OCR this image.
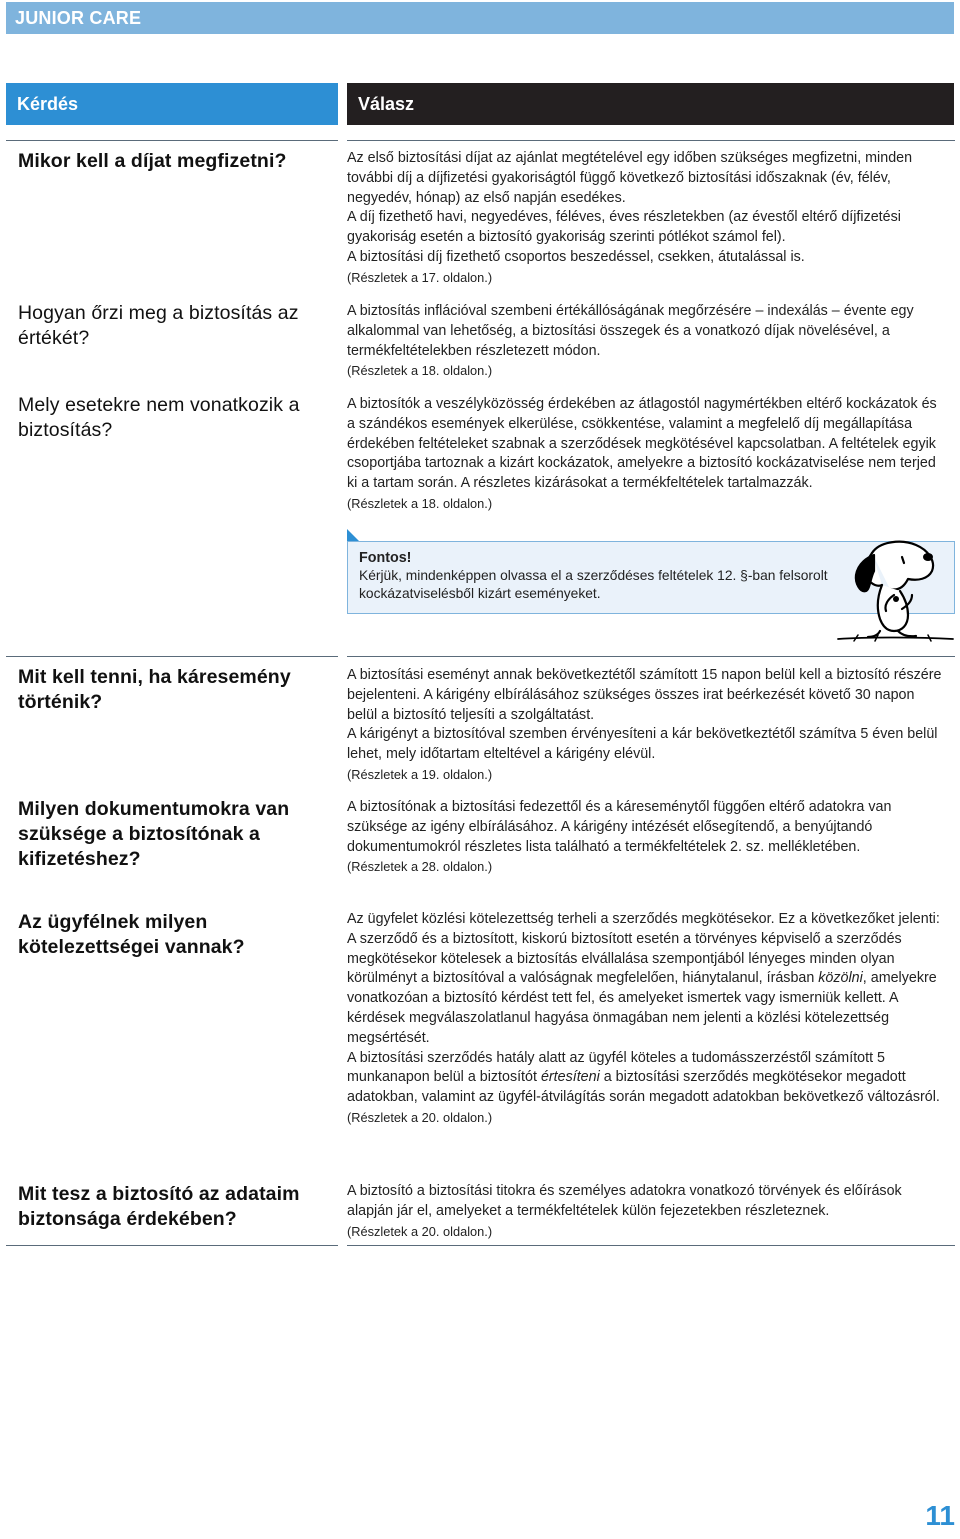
JUNIOR CARE
Kérdés	Válasz
Mikor kell a díjat megfizetni?	Az első biztosítási díjat az ajánlat megtételével egy időben szükséges megfizetni, minden további díj a díjfizetési gyakoriságtól függő következő biztosítási időszaknak (év, félév, negyedév, hónap) az első napján esedékes.

A díj fizethető havi, negyedéves, féléves, éves részletekben (az évestől eltérő díjfizetési gyakoriság esetén a biztosító gyakoriság szerinti pótlékot számol fel).

A biztosítási díj fizethető csoportos beszedéssel, csekken, átutalással is.

(Részletek a 17. oldalon.)

Hogyan őrzi meg a biztosítás az értékét?

A biztosítás inflációval szembeni értékállóságának megőrzésére – indexálás – évente egy alkalommal van lehetőség, a biztosítási összegek és a vonatkozó díjak növelésével, a termékfeltételekben részletezett módon.

(Részletek a 18. oldalon.)

Mely esetekre nem vonatkozik a biztosítás?

A biztosítók a veszélyközösség érdekében az átlagostól nagymértékben eltérő kockázatok és a szándékos események elkerülése, csökkentése, valamint a megfelelő díj megállapítása érdekében feltételeket szabnak a szerződések megkötésével kapcsolatban. A feltételek egyik csoportjába tartoznak a kizárt kockázatok, amelyekre a biztosító kockázatviselése nem terjed ki a tartam során. A részletes kizárásokat a termékfeltételek tartalmazzák.

(Részletek a 18. oldalon.)

Fontos!
Kérjük, mindenképpen olvassa el a szerződéses feltételek 12. §-ban felsorolt kockázatviselésből kizárt eseményeket.
Mit kell tenni, ha káresemény történik?

A biztosítási eseményt annak bekövetkeztétől számított 15 napon belül kell a biztosító részére bejelenteni. A kárigény elbírálásához szükséges összes irat beérkezését követő 30 napon belül a biztosító teljesíti a szolgáltatást.

A kárigényt a biztosítóval szemben érvényesíteni a kár bekövetkeztétől számítva 5 éven belül lehet, mely időtartam elteltével a kárigény elévül.

(Részletek a 19. oldalon.)

Milyen dokumentumokra van szüksége a biztosítónak a kifizetéshez?

A biztosítónak a biztosítási fedezettől és a káreseménytől függően eltérő adatokra van szüksége az igény elbírálásához. A kárigény intézését elősegítendő, a benyújtandó dokumentumokról részletes lista található a termékfeltételek 2. sz. mellékletében.

(Részletek a 28. oldalon.)

Az ügyfélnek milyen kötelezettségei vannak?

Az ügyfelet közlési kötelezettség terheli a szerződés megkötésekor. Ez a következőket jelenti:

A szerződő és a biztosított, kiskorú biztosított esetén a törvényes képviselő a szerződés megkötésekor kötelesek a biztosítás elvállalása szempontjából lényeges minden olyan körülményt a biztosítóval a valóságnak megfelelően, hiánytalanul, írásban közölni, amelyekre vonatkozóan a biztosító kérdést tett fel, és amelyeket ismertek vagy ismerniük kellett. A kérdések megválaszolatlanul hagyása önmagában nem jelenti a közlési kötelezettség megsértését.

A biztosítási szerződés hatály alatt az ügyfél köteles a tudomásszerzéstől számított 5 munkanapon belül a biztosítót értesíteni a biztosítási szerződés megkötésekor megadott adatokban, valamint az ügyfél-átvilágítás során megadott adatokban bekövetkező változásról.

(Részletek a 20. oldalon.)

Mit tesz a biztosító az adataim biztonsága érdekében?

A biztosító a biztosítási titokra és személyes adatokra vonatkozó törvények és előírások alapján jár el, amelyeket a termékfeltételek külön fejezetekben részleteznek.

(Részletek a 20. oldalon.)

11
